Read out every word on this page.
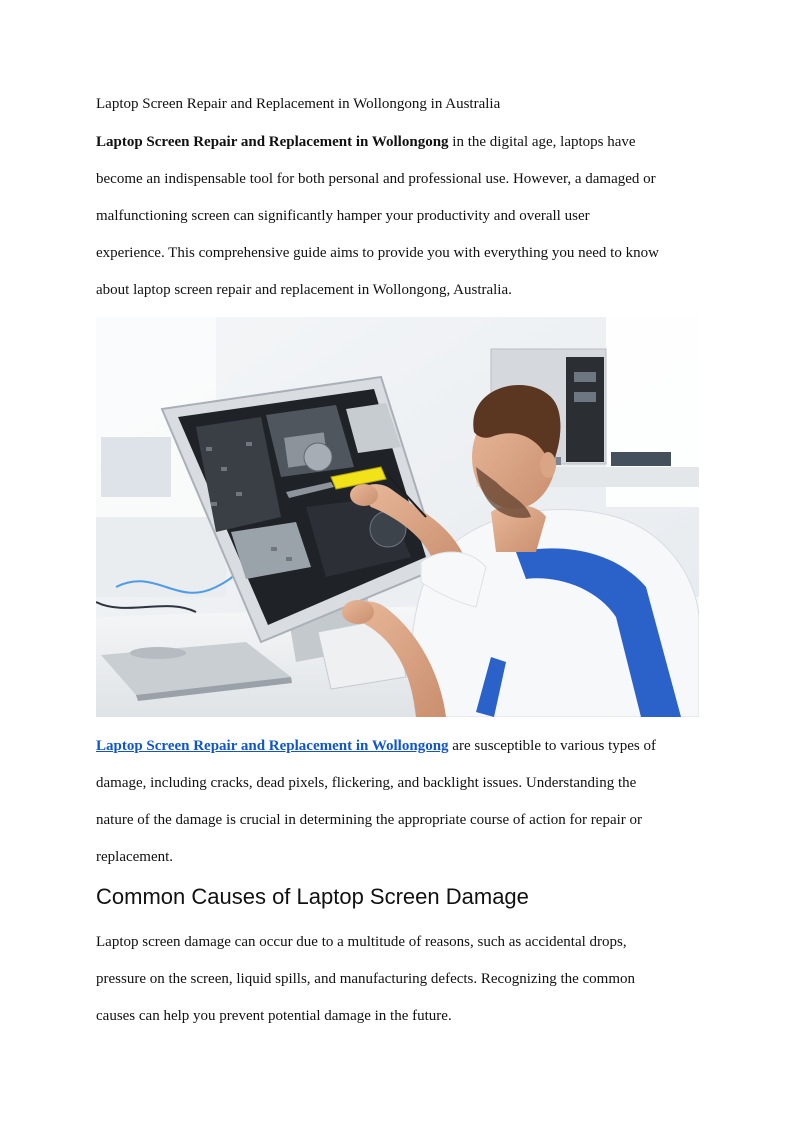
Laptop Screen Repair and Replacement in Wollongong in Australia

Laptop Screen Repair and Replacement in Wollongong in the digital age, laptops have
become an indispensable tool for both personal and professional use. However, a damaged or
malfunctioning screen can significantly hamper your productivity and overall user
experience. This comprehensive guide aims to provide you with everything you need to know
about laptop screen repair and replacement in Wollongong, Australia.

Laptop Screen Repair and Replacement in Wollongong are susceptible to various types of
damage, including cracks, dead pixels, flickering, and backlight issues. Understanding the
nature of the damage is crucial in determining the appropriate course of action for repair or
replacement.

Common Causes of Laptop Screen Damage

Laptop screen damage can occur due to a multitude of reasons, such as accidental drops,
pressure on the screen, liquid spills, and manufacturing defects. Recognizing the common
causes can help you prevent potential damage in the future.
